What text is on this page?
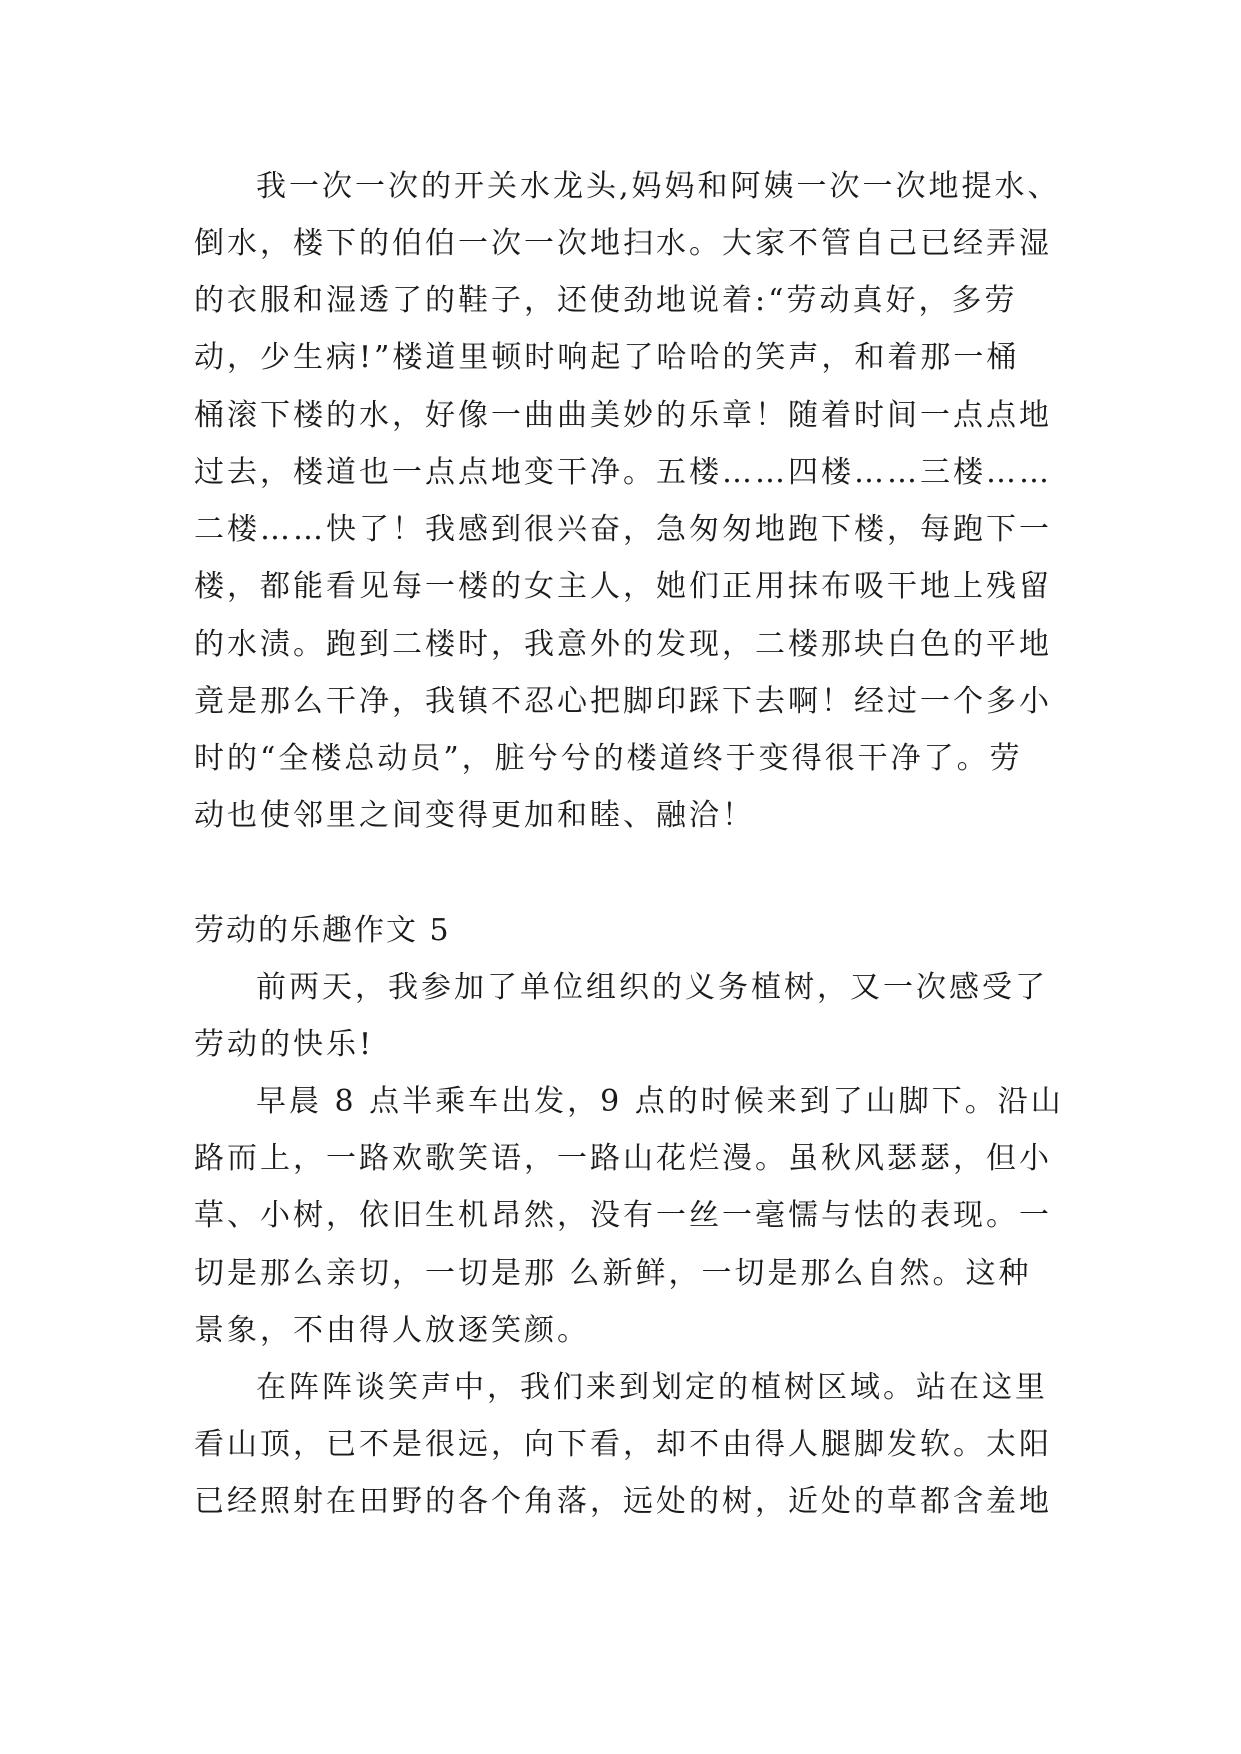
我一次一次的开关水龙头,妈妈和阿姨一次一次地提水、
倒水，楼下的伯伯一次一次地扫水。大家不管自己已经弄湿
的衣服和湿透了的鞋子，还使劲地说着:“劳动真好，多劳
动，少生病!”楼道里顿时响起了哈哈的笑声，和着那一桶
桶滚下楼的水，好像一曲曲美妙的乐章！随着时间一点点地
过去，楼道也一点点地变干净。五楼……四楼……三楼……
二楼……快了！我感到很兴奋，急匆匆地跑下楼，每跑下一
楼，都能看见每一楼的女主人，她们正用抹布吸干地上残留
的水渍。跑到二楼时，我意外的发现，二楼那块白色的平地
竟是那么干净，我镇不忍心把脚印踩下去啊！经过一个多小
时的“全楼总动员”，脏兮兮的楼道终于变得很干净了。劳
动也使邻里之间变得更加和睦、融洽！
劳动的乐趣作文 5
前两天，我参加了单位组织的义务植树，又一次感受了
劳动的快乐!
早晨 8 点半乘车出发，9 点的时候来到了山脚下。沿山
路而上，一路欢歌笑语，一路山花烂漫。虽秋风瑟瑟，但小
草、小树，依旧生机昂然，没有一丝一毫懦与怯的表现。一
切是那么亲切，一切是那 么新鲜，一切是那么自然。这种
景象，不由得人放逐笑颜。
在阵阵谈笑声中，我们来到划定的植树区域。站在这里
看山顶，已不是很远，向下看，却不由得人腿脚发软。太阳
已经照射在田野的各个角落，远处的树，近处的草都含羞地
